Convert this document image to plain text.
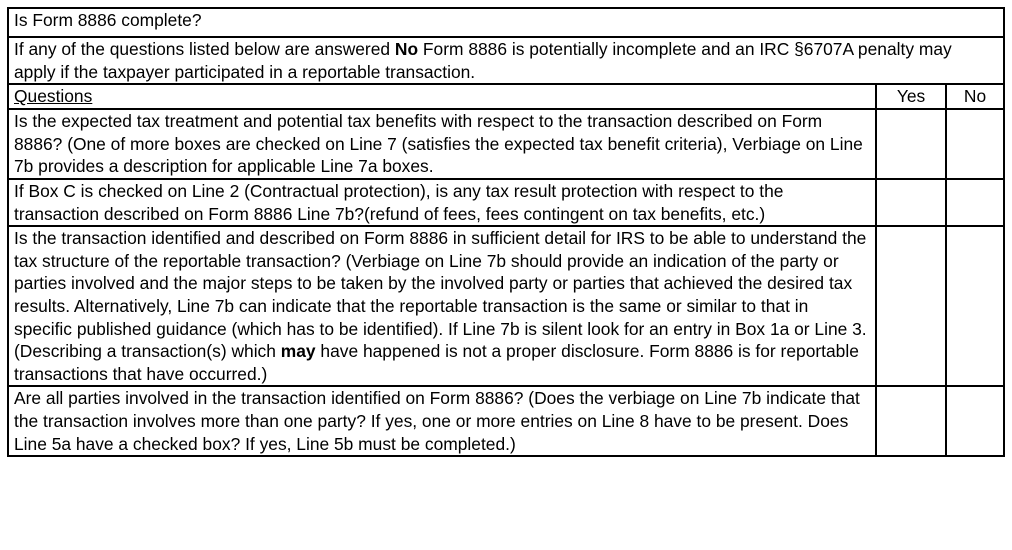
Is Form 8886 complete?		
If any of the questions listed below are answered No Form 8886 is potentially incomplete and an IRC §6707A penalty may apply if the taxpayer participated in a reportable transaction.		
Questions	Yes	No
Is the expected tax treatment and potential tax benefits with respect to the transaction described on Form 8886? (One of more boxes are checked on Line 7 (satisfies the expected tax benefit criteria), Verbiage on Line 7b provides a description for applicable Line 7a boxes.		
If Box C is checked on Line 2 (Contractual protection), is any tax result protection with respect to the transaction described on Form 8886 Line 7b?(refund of fees, fees contingent on tax benefits, etc.)		
Is the transaction identified and described on Form 8886 in sufficient detail for IRS to be able to understand the tax structure of the reportable transaction? (Verbiage on Line 7b should provide an indication of the party or parties involved and the major steps to be taken by the involved party or parties that achieved the desired tax results. Alternatively, Line 7b can indicate that the reportable transaction is the same or similar to that in specific published guidance (which has to be identified). If Line 7b is silent look for an entry in Box 1a or Line 3. (Describing a transaction(s) which may have happened is not a proper disclosure. Form 8886 is for reportable transactions that have occurred.)		
Are all parties involved in the transaction identified on Form 8886? (Does the verbiage on Line 7b indicate that the transaction involves more than one party? If yes, one or more entries on Line 8 have to be present. Does Line 5a have a checked box? If yes, Line 5b must be completed.)		
